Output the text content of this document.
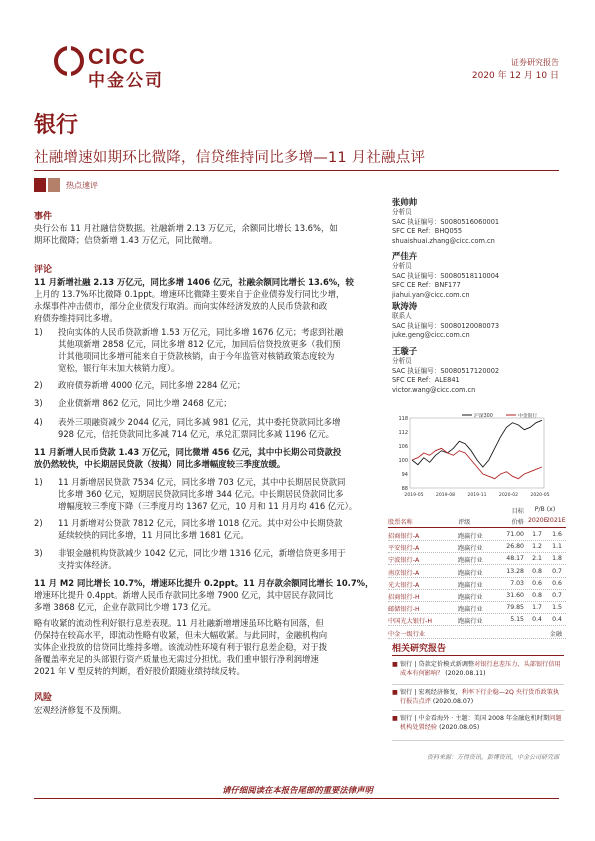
CICC
中金公司
证券研究报告
2020 年 12 月 10 日
银行
社融增速如期环比微降，信贷维持同比多增—11 月社融点评
热点速评
事件
央行公布 11 月社融信贷数据。社融新增 2.13 万亿元，余额同比增长 13.6%，如
期环比微降；信贷新增 1.43 万亿元，同比微增。
评论
11 月新增社融 2.13 万亿元，同比多增 1406 亿元，社融余额同比增长 13.6%，较
上月的 13.7%环比微降 0.1ppt。增速环比微降主要来自于企业债券发行同比少增，
永煤事件冲击债市，部分企业债发行取消。而向实体经济发放的人民币贷款和政
府债券维持同比多增。
1) 投向实体的人民币贷款新增 1.53 万亿元，同比多增 1676 亿元；考虑到社融
其他项新增 2858 亿元，同比多增 812 亿元，加回后信贷投放更多（我们预
计其他项同比多增可能来自于贷款核销，由于今年监管对核销政策态度较为
宽松，银行年末加大核销力度）。
2) 政府债券新增 4000 亿元，同比多增 2284 亿元；
3) 企业债新增 862 亿元，同比少增 2468 亿元；
4) 表外三项融资减少 2044 亿元，同比多减 981 亿元，其中委托贷款同比多增
928 亿元，信托贷款同比多减 714 亿元，承兑汇票同比多减 1196 亿元。
11 月新增人民币贷款 1.43 万亿元，同比微增 456 亿元，其中中长期公司贷款投
放仍然较快，中长期居民贷款（按揭）同比多增幅度较三季度放缓。
1) 11 月新增居民贷款 7534 亿元，同比多增 703 亿元，其中中长期居民贷款同
比多增 360 亿元，短期居民贷款同比多增 344 亿元。中长期居民贷款同比多
增幅度较三季度下降（三季度月均 1367 亿元，10 月和 11 月月均 416 亿元）。
2) 11 月新增对公贷款 7812 亿元，同比多增 1018 亿元。其中对公中长期贷款
延续较快的同比多增，11 月同比多增 1681 亿元。
3) 非银金融机构贷款减少 1042 亿元，同比少增 1316 亿元，新增信贷更多用于
支持实体经济。
11 月 M2 同比增长 10.7%，增速环比提升 0.2ppt。11 月存款余额同比增长 10.7%，
增速环比提升 0.4ppt。新增人民币存款同比多增 7900 亿元，其中居民存款同比
多增 3868 亿元，企业存款同比少增 173 亿元。
略有收紧的流动性利好银行息差表现。11 月社融新增增速虽环比略有回落，但
仍保持在较高水平，即流动性略有收紧，但未大幅收紧。与此同时，金融机构向
实体企业投放的信贷同比维持多增。该流动性环境有利于银行息差企稳，对于拨
备覆盖率充足的头部银行资产质量也无需过分担忧。我们重申银行净利润增速
2021 年 V 型反转的判断，看好股价跟随业绩持续反转。
风险
宏观经济修复不及预期。
张帅帅
分析员
SAC 执证编号：S0080516060001
SFC CE Ref：BHQ055
shuaishuai.zhang@cicc.com.cn
严佳卉
分析员
SAC 执证编号：S0080518110004
SFC CE Ref：BNF177
jiahui.yan@cicc.com.cn
耿涛涛
联系人
SAC 执证编号：S0080120080073
juke.geng@cicc.com.cn
王璇子
分析员
SAC 执证编号：S0080517120002
SFC CE Ref：ALE841
victor.wang@cicc.com.cn
沪深300	中金银行
88
94
100
106
112
118
2019-05	2019-08	2019-11	2020-02	2020-05
目标	P/B (x)
股票名称	评级	价格 2020E
2021E
招商银行-A	跑赢行业	71.00	1.7	1.6
平安银行-A	跑赢行业	26.80	1.2	1.1
宁波银行-A	跑赢行业	48.17	2.1	1.8
南京银行-A	跑赢行业	13.28	0.8	0.7
光大银行-A	跑赢行业	7.03	0.6	0.6
招商银行-H	跑赢行业	31.60	0.8	0.7
邮储银行-H	跑赢行业	79.85	1.7	1.5
中国光大银行-H	跑赢行业	5.15	0.4	0.4
中金一级行业	金融
相关研究报告
■ 银行 | 贷款定价模式新调整对银行息差压力、头部银行信用成本有何影响？ (2020.08.11)
■ 银行 | 宏观经济修复，利率下行企稳—2Q 央行货币政策执行报告点评 (2020.08.07)
■ 银行 | 中金看海外 · 主题：美国 2008 年金融危机时期问题机构处置经验 (2020.08.05)
资料来源：万得资讯，彭博资讯，中金公司研究部
请仔细阅读在本报告尾部的重要法律声明
